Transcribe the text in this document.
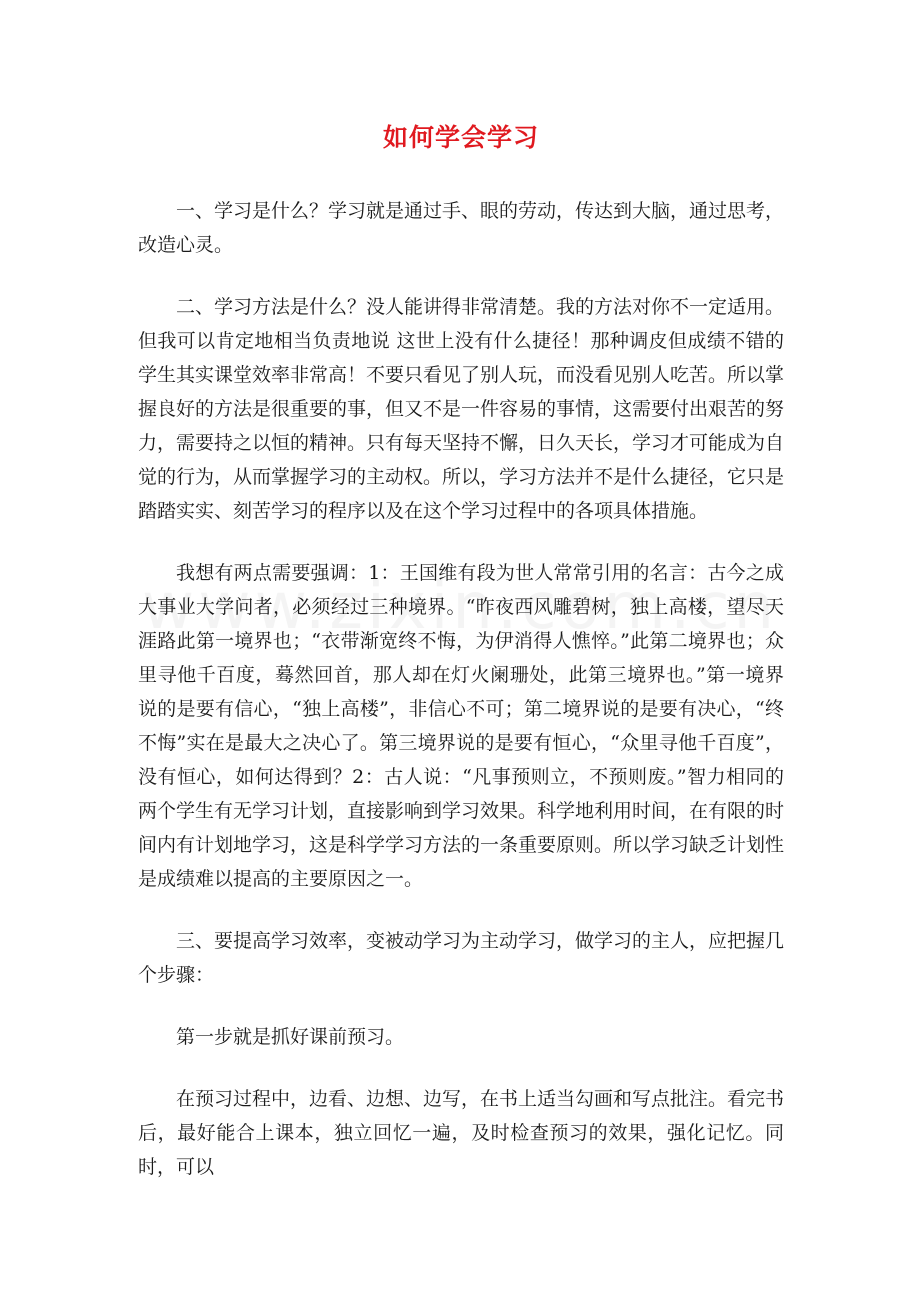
如何学会学习

一、学习是什么？学习就是通过手、眼的劳动，传达到大脑，通过思考，改造心灵。

二、学习方法是什么？没人能讲得非常清楚。我的方法对你不一定适用。但我可以肯定地相当负责地说 这世上没有什么捷径！那种调皮但成绩不错的学生其实课堂效率非常高！不要只看见了别人玩，而没看见别人吃苦。所以掌握良好的方法是很重要的事，但又不是一件容易的事情，这需要付出艰苦的努力，需要持之以恒的精神。只有每天坚持不懈，日久天长，学习才可能成为自觉的行为，从而掌握学习的主动权。所以，学习方法并不是什么捷径，它只是踏踏实实、刻苦学习的程序以及在这个学习过程中的各项具体措施。

我想有两点需要强调：1：王国维有段为世人常常引用的名言：古今之成大事业大学问者，必须经过三种境界。“昨夜西风雕碧树，独上高楼，望尽天涯路此第一境界也；“衣带渐宽终不悔，为伊消得人憔悴。”此第二境界也；众里寻他千百度，蓦然回首，那人却在灯火阑珊处，此第三境界也。”第一境界说的是要有信心，“独上高楼”，非信心不可；第二境界说的是要有决心，“终不悔”实在是最大之决心了。第三境界说的是要有恒心，“众里寻他千百度”，没有恒心，如何达得到？2：古人说：“凡事预则立，不预则废。”智力相同的两个学生有无学习计划，直接影响到学习效果。科学地利用时间，在有限的时间内有计划地学习，这是科学学习方法的一条重要原则。所以学习缺乏计划性是成绩难以提高的主要原因之一。

三、要提高学习效率，变被动学习为主动学习，做学习的主人，应把握几个步骤：

第一步就是抓好课前预习。

在预习过程中，边看、边想、边写，在书上适当勾画和写点批注。看完书后，最好能合上课本，独立回忆一遍，及时检查预习的效果，强化记忆。同时，可以
